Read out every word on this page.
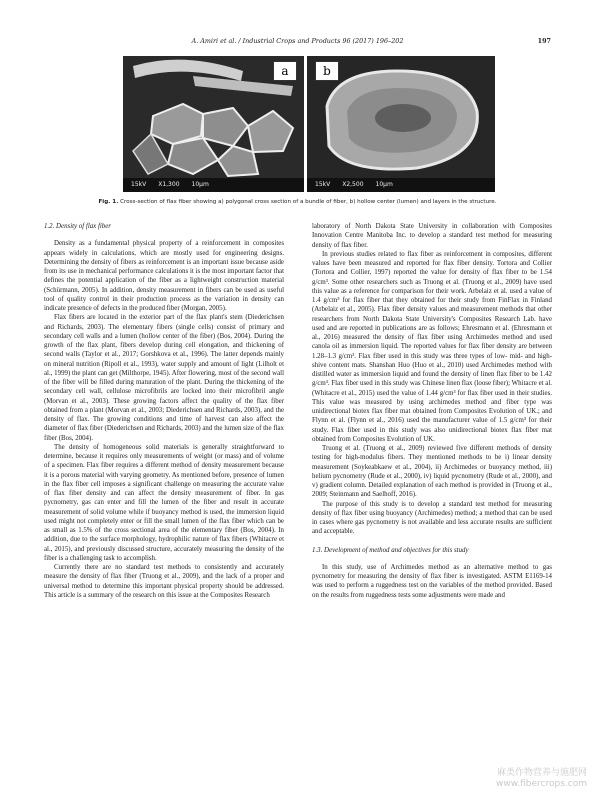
A. Amiri et al. / Industrial Crops and Products 96 (2017) 196–202	197
a
15kV X1,300 10µm
b
15kV X2,500 10µm
Fig. 1. Cross-section of flax fiber showing a) polygonal cross section of a bundle of fiber, b) hollow center (lumen) and layers in the structure.
1.2. Density of flax fiber

Density as a fundamental physical property of a reinforcement in composites appears widely in calculations, which are mostly used for engineering designs. Determining the density of fibers as reinforcement is an important issue because aside from its use in mechanical performance calculations it is the most important factor that defines the potential application of the fiber as a lightweight construction material (Schürmann, 2005). In addition, density measurement in fibers can be used as useful tool of quality control in their production process as the variation in density can indicate presence of defects in the produced fiber (Morgan, 2005).

Flax fibers are located in the exterior part of the flax plant's stem (Diederichsen and Richards, 2003). The elementary fibers (single cells) consist of primary and secondary cell walls and a lumen (hollow center of the fiber) (Bos, 2004). During the growth of the flax plant, fibers develop during cell elongation, and thickening of second walls (Taylor et al., 2017; Gorshkova et al., 1996). The latter depends mainly on mineral nutrition (Ripoll et al., 1993), water supply and amount of light (Lilholt et al., 1999) the plant can get (Milthorpe, 1945). After flowering, most of the second wall of the fiber will be filled during maturation of the plant. During the thickening of the secondary cell wall, cellulose microfibrils are locked into their microfibril angle (Morvan et al., 2003). These growing factors affect the quality of the flax fiber obtained from a plant (Morvan et al., 2003; Diederichsen and Richards, 2003), and the density of flax. The growing conditions and time of harvest can also affect the diameter of flax fiber (Diederichsen and Richards, 2003) and the lumen size of the flax fiber (Bos, 2004).

The density of homogeneous solid materials is generally straightforward to determine, because it requires only measurements of weight (or mass) and of volume of a specimen. Flax fiber requires a different method of density measurement because it is a porous material with varying geometry. As mentioned before, presence of lumen in the flax fiber cell imposes a significant challenge on measuring the accurate value of flax fiber density and can affect the density measurement of fiber. In gas pycnometry, gas can enter and fill the lumen of the fiber and result in accurate measurement of solid volume while if buoyancy method is used, the immersion liquid used might not completely enter or fill the small lumen of the flax fiber which can be as small as 1.5% of the cross sectional area of the elementary fiber (Bos, 2004). In addition, due to the surface morphology, hydrophilic nature of flax fibers (Whitacre et al., 2015), and previously discussed structure, accurately measuring the density of the fiber is a challenging task to accomplish.

Currently there are no standard test methods to consistently and accurately measure the density of flax fiber (Truong et al., 2009), and the lack of a proper and universal method to determine this important physical property should be addressed. This article is a summary of the research on this issue at the Composites Research

laboratory of North Dakota State University in collaboration with Composites Innovation Centre Manitoba Inc. to develop a standard test method for measuring density of flax fiber.

In previous studies related to flax fiber as reinforcement in composites, different values have been measured and reported for flax fiber density. Tortora and Collier (Tortora and Collier, 1997) reported the value for density of flax fiber to be 1.54 g/cm³. Some other researchers such as Truong et al. (Truong et al., 2009) have used this value as a reference for comparison for their work. Arbelaiz et al. used a value of 1.4 g/cm³ for flax fiber that they obtained for their study from FinFlax in Finland (Arbelaiz et al., 2005). Flax fiber density values and measurement methods that other researchers from North Dakota State University's Composites Research Lab. have used and are reported in publications are as follows; Ehresmann et al. (Ehresmann et al., 2016) measured the density of flax fiber using Archimedes method and used canola oil as immersion liquid. The reported values for flax fiber density are between 1.28–1.3 g/cm³. Flax fiber used in this study was three types of low- mid- and high- shive content mats. Shanshan Huo (Huo et al., 2010) used Archimedes method with distilled water as immersion liquid and found the density of linen flax fiber to be 1.42 g/cm³. Flax fiber used in this study was Chinese linen flax (loose fiber); Whitacre et al. (Whitacre et al., 2015) used the value of 1.44 g/cm³ for flax fiber used in their studies. This value was measured by using archimedes method and fiber type was unidirectional biotex flax fiber mat obtained from Composites Evolution of UK.; and Flynn et al. (Flynn et al., 2016) used the manufacturer value of 1.5 g/cm³ for their study. Flax fiber used in this study was also unidirectional biotex flax fiber mat obtained from Composites Evolution of UK.

Truong et al. (Truong et al., 2009) reviewed five different methods of density testing for high-modulus fibers. They mentioned methods to be i) linear density measurement (Soykeabkaew et al., 2004), ii) Archimedes or buoyancy method, iii) helium pycnometry (Rude et al., 2000), iv) liquid pycnometry (Rude et al., 2000), and v) gradient column. Detailed explanation of each method is provided in (Truong et al., 2009; Steinmann and Saelhoff, 2016).

The purpose of this study is to develop a standard test method for measuring density of flax fiber using buoyancy (Archimedes) method; a method that can be used in cases where gas pycnometry is not available and less accurate results are sufficient and acceptable.

1.3. Development of method and objectives for this study

In this study, use of Archimedes method as an alternative method to gas pycnometry for measuring the density of flax fiber is investigated. ASTM E1169-14 was used to perform a ruggedness test on the variables of the method provided. Based on the results from ruggedness tests some adjustments were made and

麻类作物营养与施肥网
www.fibercrops.com
